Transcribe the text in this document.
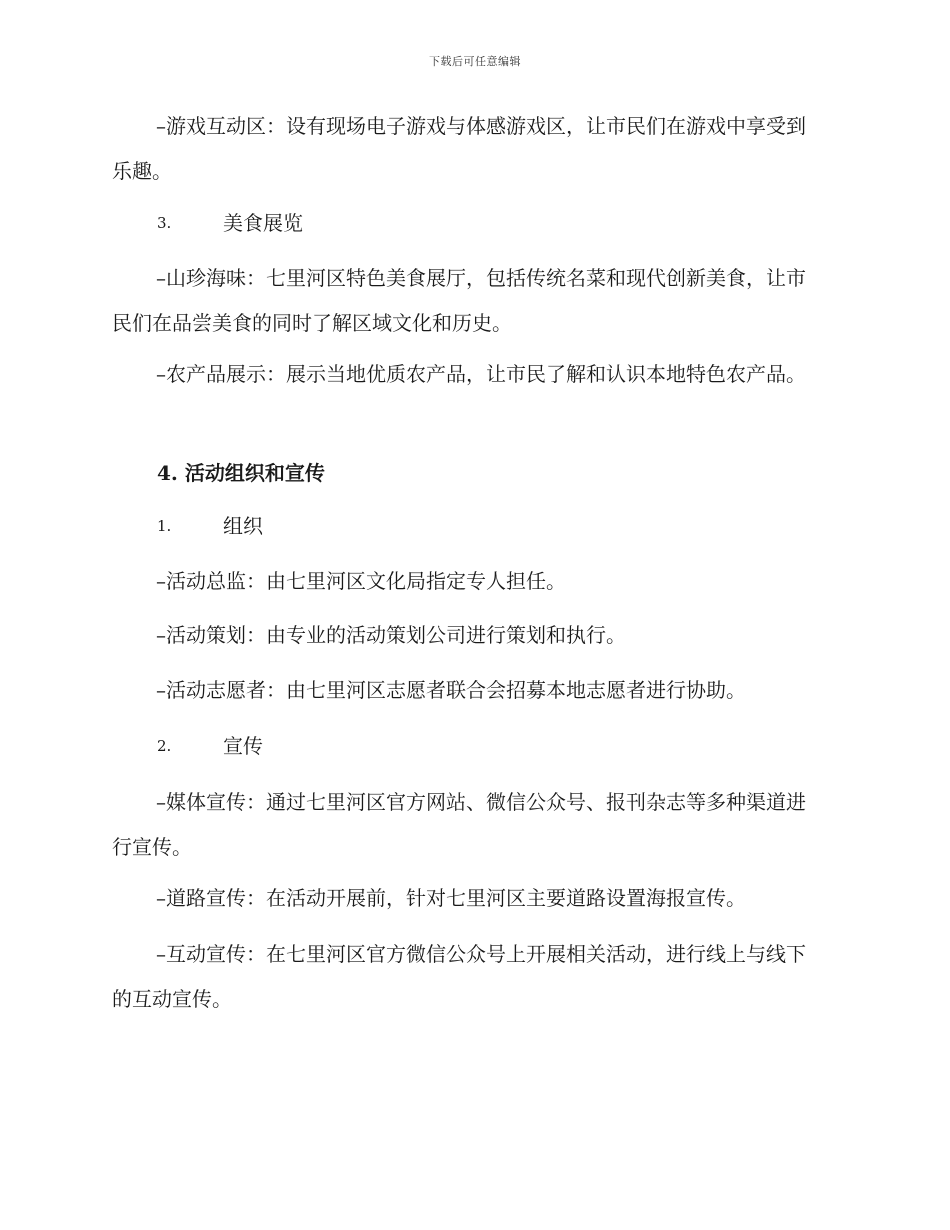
下载后可任意编辑

–游戏互动区：设有现场电子游戏与体感游戏区，让市民们在游戏中享受到乐趣。

3.	美食展览

–山珍海味：七里河区特色美食展厅，包括传统名菜和现代创新美食，让市民们在品尝美食的同时了解区域文化和历史。

–农产品展示：展示当地优质农产品，让市民了解和认识本地特色农产品。

4. 活动组织和宣传
1.	组织

–活动总监：由七里河区文化局指定专人担任。

–活动策划：由专业的活动策划公司进行策划和执行。

–活动志愿者：由七里河区志愿者联合会招募本地志愿者进行协助。

2.	宣传

–媒体宣传：通过七里河区官方网站、微信公众号、报刊杂志等多种渠道进行宣传。

–道路宣传：在活动开展前，针对七里河区主要道路设置海报宣传。

–互动宣传：在七里河区官方微信公众号上开展相关活动，进行线上与线下的互动宣传。
